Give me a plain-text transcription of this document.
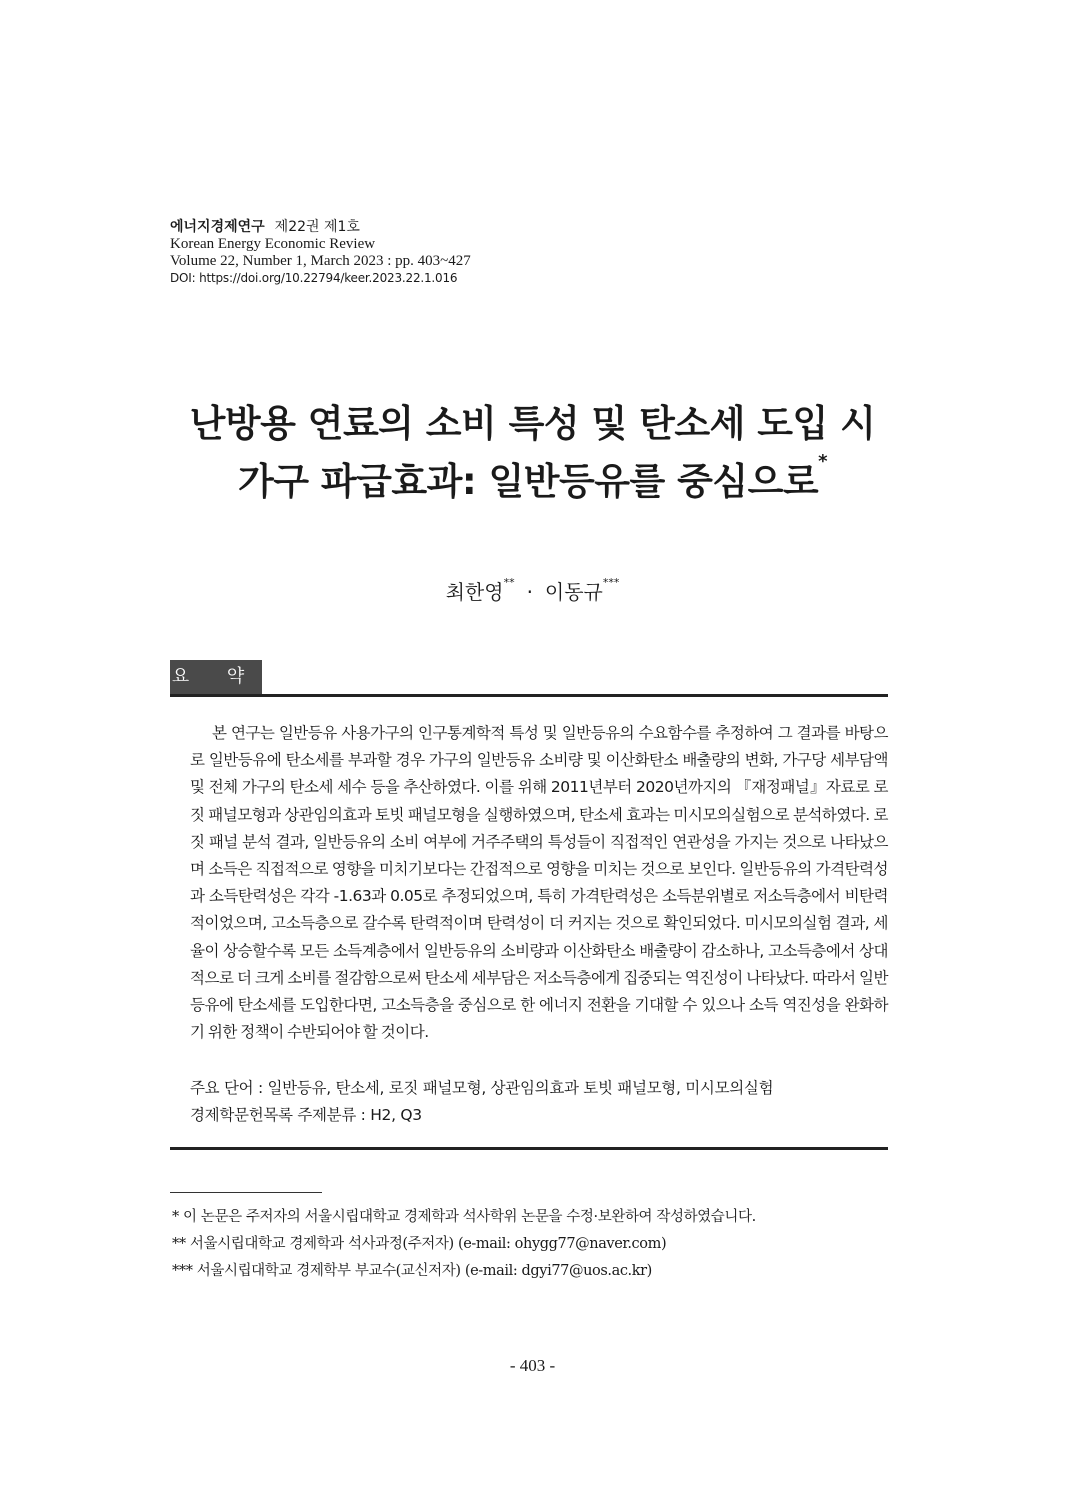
에너지경제연구 제22권 제1호
Korean Energy Economic Review
Volume 22, Number 1, March 2023 : pp. 403~427
DOI: https://doi.org/10.22794/keer.2023.22.1.016
난방용 연료의 소비 특성 및 탄소세 도입 시
가구 파급효과: 일반등유를 중심으로*
최한영** · 이동규***
요 약
본 연구는 일반등유 사용가구의 인구통계학적 특성 및 일반등유의 수요함수를 추정하여 그 결과를 바탕으로 일반등유에 탄소세를 부과할 경우 가구의 일반등유 소비량 및 이산화탄소 배출량의 변화, 가구당 세부담액 및 전체 가구의 탄소세 세수 등을 추산하였다. 이를 위해 2011년부터 2020년까지의 『재정패널』자료로 로짓 패널모형과 상관임의효과 토빗 패널모형을 실행하였으며, 탄소세 효과는 미시모의실험으로 분석하였다. 로짓 패널 분석 결과, 일반등유의 소비 여부에 거주주택의 특성들이 직접적인 연관성을 가지는 것으로 나타났으며 소득은 직접적으로 영향을 미치기보다는 간접적으로 영향을 미치는 것으로 보인다. 일반등유의 가격탄력성과 소득탄력성은 각각 -1.63과 0.05로 추정되었으며, 특히 가격탄력성은 소득분위별로 저소득층에서 비탄력적이었으며, 고소득층으로 갈수록 탄력적이며 탄력성이 더 커지는 것으로 확인되었다. 미시모의실험 결과, 세율이 상승할수록 모든 소득계층에서 일반등유의 소비량과 이산화탄소 배출량이 감소하나, 고소득층에서 상대적으로 더 크게 소비를 절감함으로써 탄소세 세부담은 저소득층에게 집중되는 역진성이 나타났다. 따라서 일반등유에 탄소세를 도입한다면, 고소득층을 중심으로 한 에너지 전환을 기대할 수 있으나 소득 역진성을 완화하기 위한 정책이 수반되어야 할 것이다.
주요 단어 : 일반등유, 탄소세, 로짓 패널모형, 상관임의효과 토빗 패널모형, 미시모의실험
경제학문헌목록 주제분류 : H2, Q3
* 이 논문은 주저자의 서울시립대학교 경제학과 석사학위 논문을 수정·보완하여 작성하였습니다.
** 서울시립대학교 경제학과 석사과정(주저자) (e-mail: ohygg77@naver.com)
*** 서울시립대학교 경제학부 부교수(교신저자) (e-mail: dgyi77@uos.ac.kr)
- 403 -
